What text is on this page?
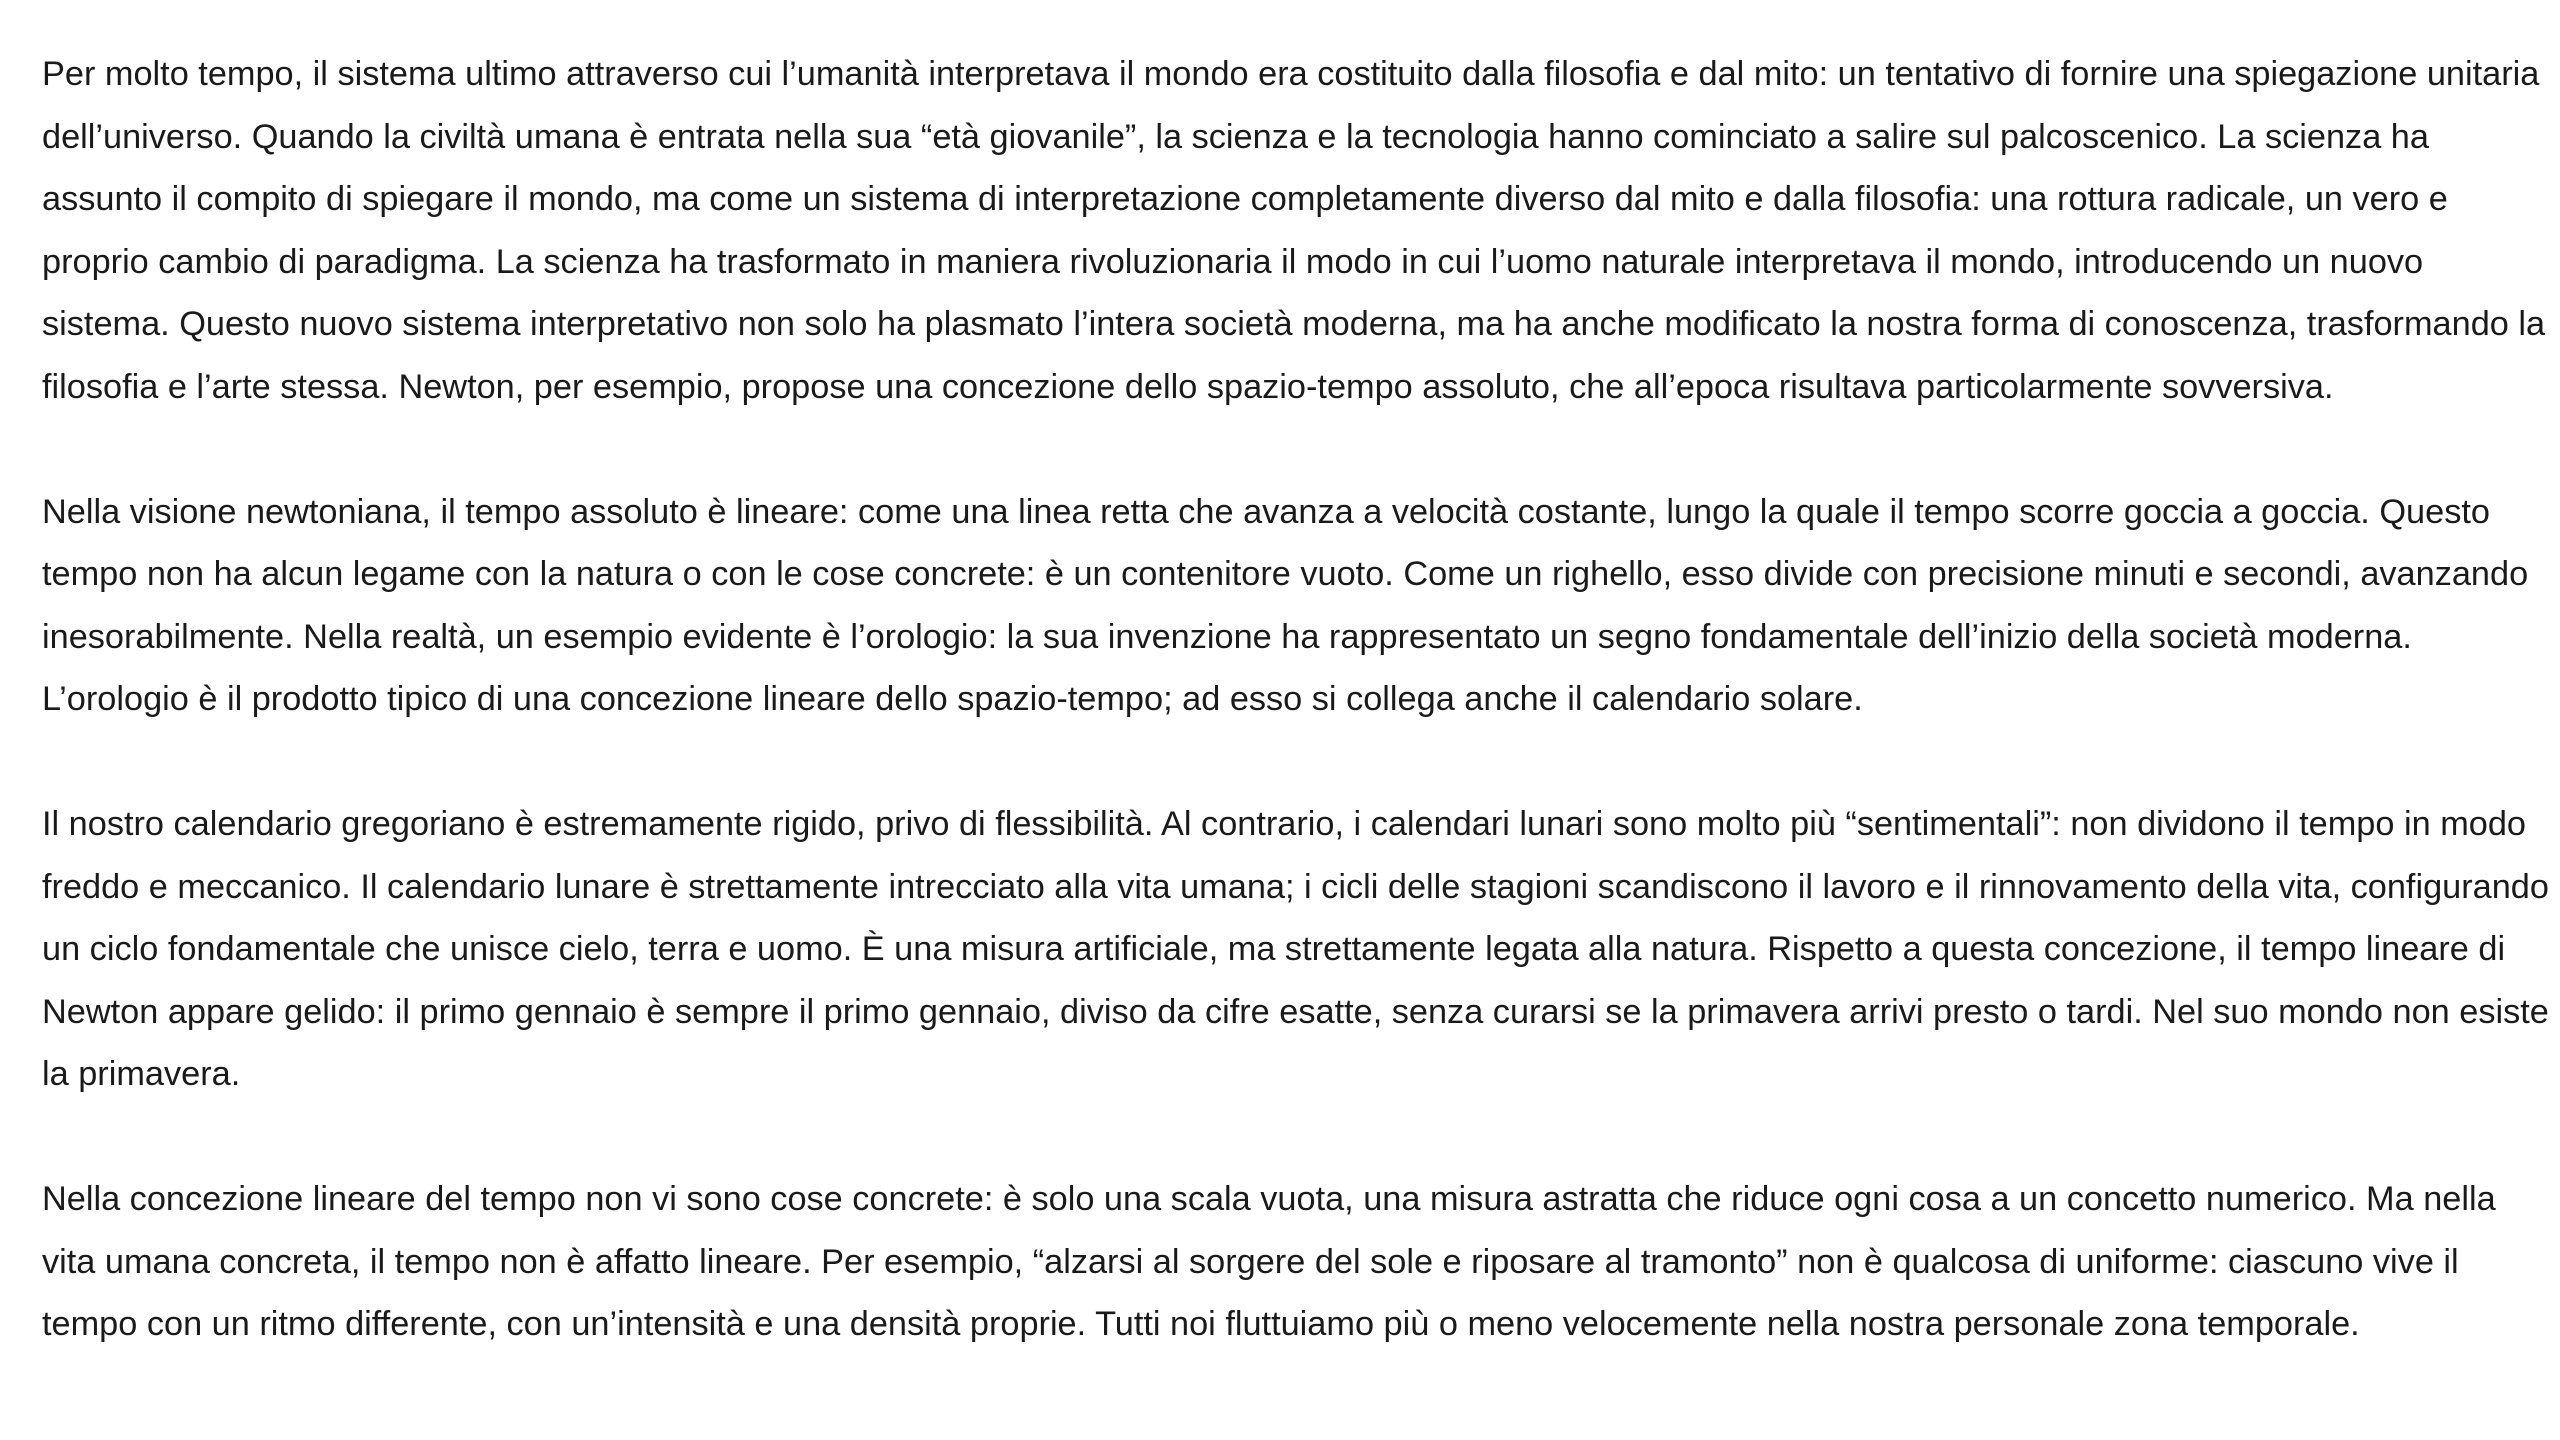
Per molto tempo, il sistema ultimo attraverso cui l’umanità interpretava il mondo era costituito dalla filosofia e dal mito: un tentativo di fornire una spiegazione unitaria dell’universo. Quando la civiltà umana è entrata nella sua “età giovanile”, la scienza e la tecnologia hanno cominciato a salire sul palcoscenico. La scienza ha assunto il compito di spiegare il mondo, ma come un sistema di interpretazione completamente diverso dal mito e dalla filosofia: una rottura radicale, un vero e proprio cambio di paradigma. La scienza ha trasformato in maniera rivoluzionaria il modo in cui l’uomo naturale interpretava il mondo, introducendo un nuovo sistema. Questo nuovo sistema interpretativo non solo ha plasmato l’intera società moderna, ma ha anche modificato la nostra forma di conoscenza, trasformando la filosofia e l’arte stessa. Newton, per esempio, propose una concezione dello spazio-tempo assoluto, che all’epoca risultava particolarmente sovversiva.

Nella visione newtoniana, il tempo assoluto è lineare: come una linea retta che avanza a velocità costante, lungo la quale il tempo scorre goccia a goccia. Questo tempo non ha alcun legame con la natura o con le cose concrete: è un contenitore vuoto. Come un righello, esso divide con precisione minuti e secondi, avanzando inesorabilmente. Nella realtà, un esempio evidente è l’orologio: la sua invenzione ha rappresentato un segno fondamentale dell’inizio della società moderna. L’orologio è il prodotto tipico di una concezione lineare dello spazio-tempo; ad esso si collega anche il calendario solare.

Il nostro calendario gregoriano è estremamente rigido, privo di flessibilità. Al contrario, i calendari lunari sono molto più “sentimentali”: non dividono il tempo in modo freddo e meccanico. Il calendario lunare è strettamente intrecciato alla vita umana; i cicli delle stagioni scandiscono il lavoro e il rinnovamento della vita, configurando un ciclo fondamentale che unisce cielo, terra e uomo. È una misura artificiale, ma strettamente legata alla natura. Rispetto a questa concezione, il tempo lineare di Newton appare gelido: il primo gennaio è sempre il primo gennaio, diviso da cifre esatte, senza curarsi se la primavera arrivi presto o tardi. Nel suo mondo non esiste la primavera.

Nella concezione lineare del tempo non vi sono cose concrete: è solo una scala vuota, una misura astratta che riduce ogni cosa a un concetto numerico. Ma nella vita umana concreta, il tempo non è affatto lineare. Per esempio, “alzarsi al sorgere del sole e riposare al tramonto” non è qualcosa di uniforme: ciascuno vive il tempo con un ritmo differente, con un’intensità e una densità proprie. Tutti noi fluttuiamo più o meno velocemente nella nostra personale zona temporale.
